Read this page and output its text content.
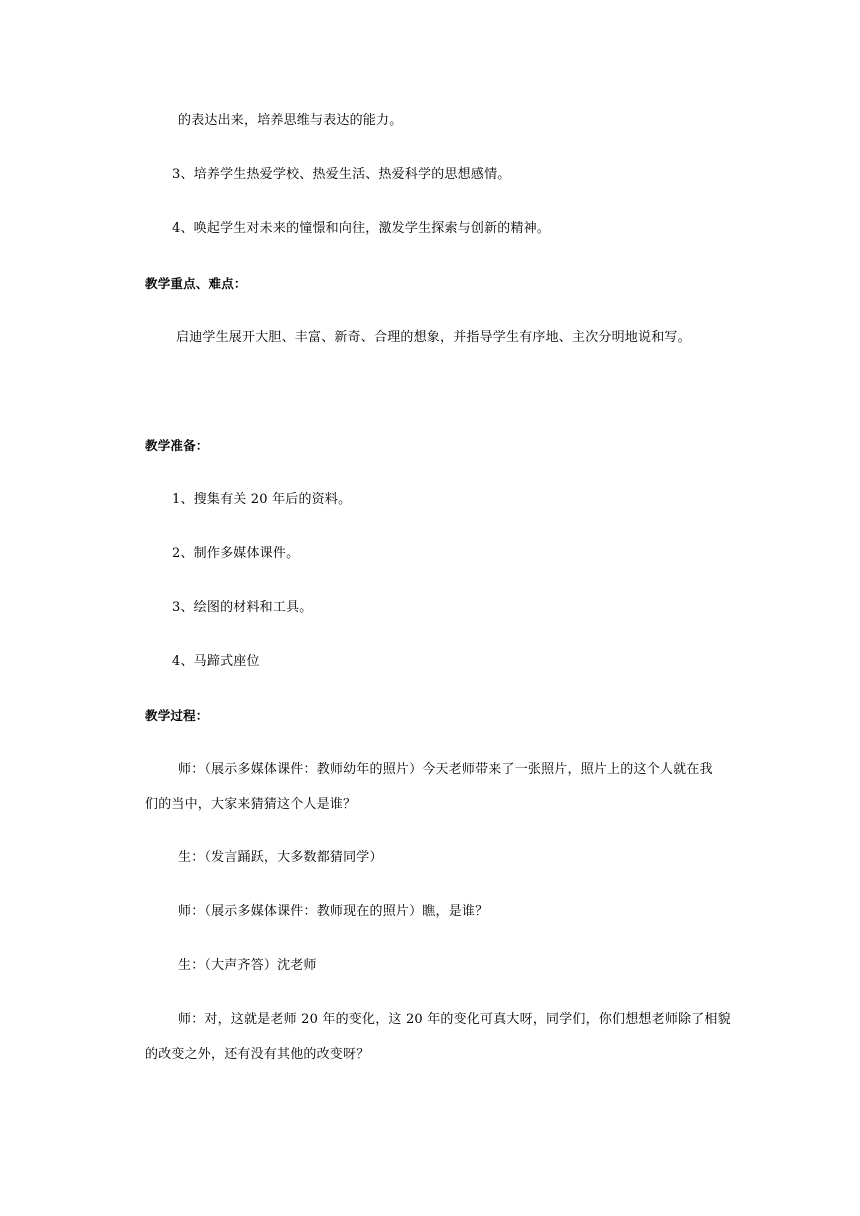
的表达出来，培养思维与表达的能力。
3、培养学生热爱学校、热爱生活、热爱科学的思想感情。
4、唤起学生对未来的憧憬和向往，激发学生探索与创新的精神。
教学重点、难点：
启迪学生展开大胆、丰富、新奇、合理的想象，并指导学生有序地、主次分明地说和写。
教学准备：
1、搜集有关 20 年后的资料。
2、制作多媒体课件。
3、绘图的材料和工具。
4、马蹄式座位
教学过程：
师：（展示多媒体课件：教师幼年的照片）今天老师带来了一张照片，照片上的这个人就在我
们的当中，大家来猜猜这个人是谁？
生：（发言踊跃，大多数都猜同学）
师：（展示多媒体课件：教师现在的照片）瞧，是谁？
生：（大声齐答）沈老师
师：对，这就是老师 20 年的变化，这 20 年的变化可真大呀，同学们，你们想想老师除了相貌
的改变之外，还有没有其他的改变呀？
